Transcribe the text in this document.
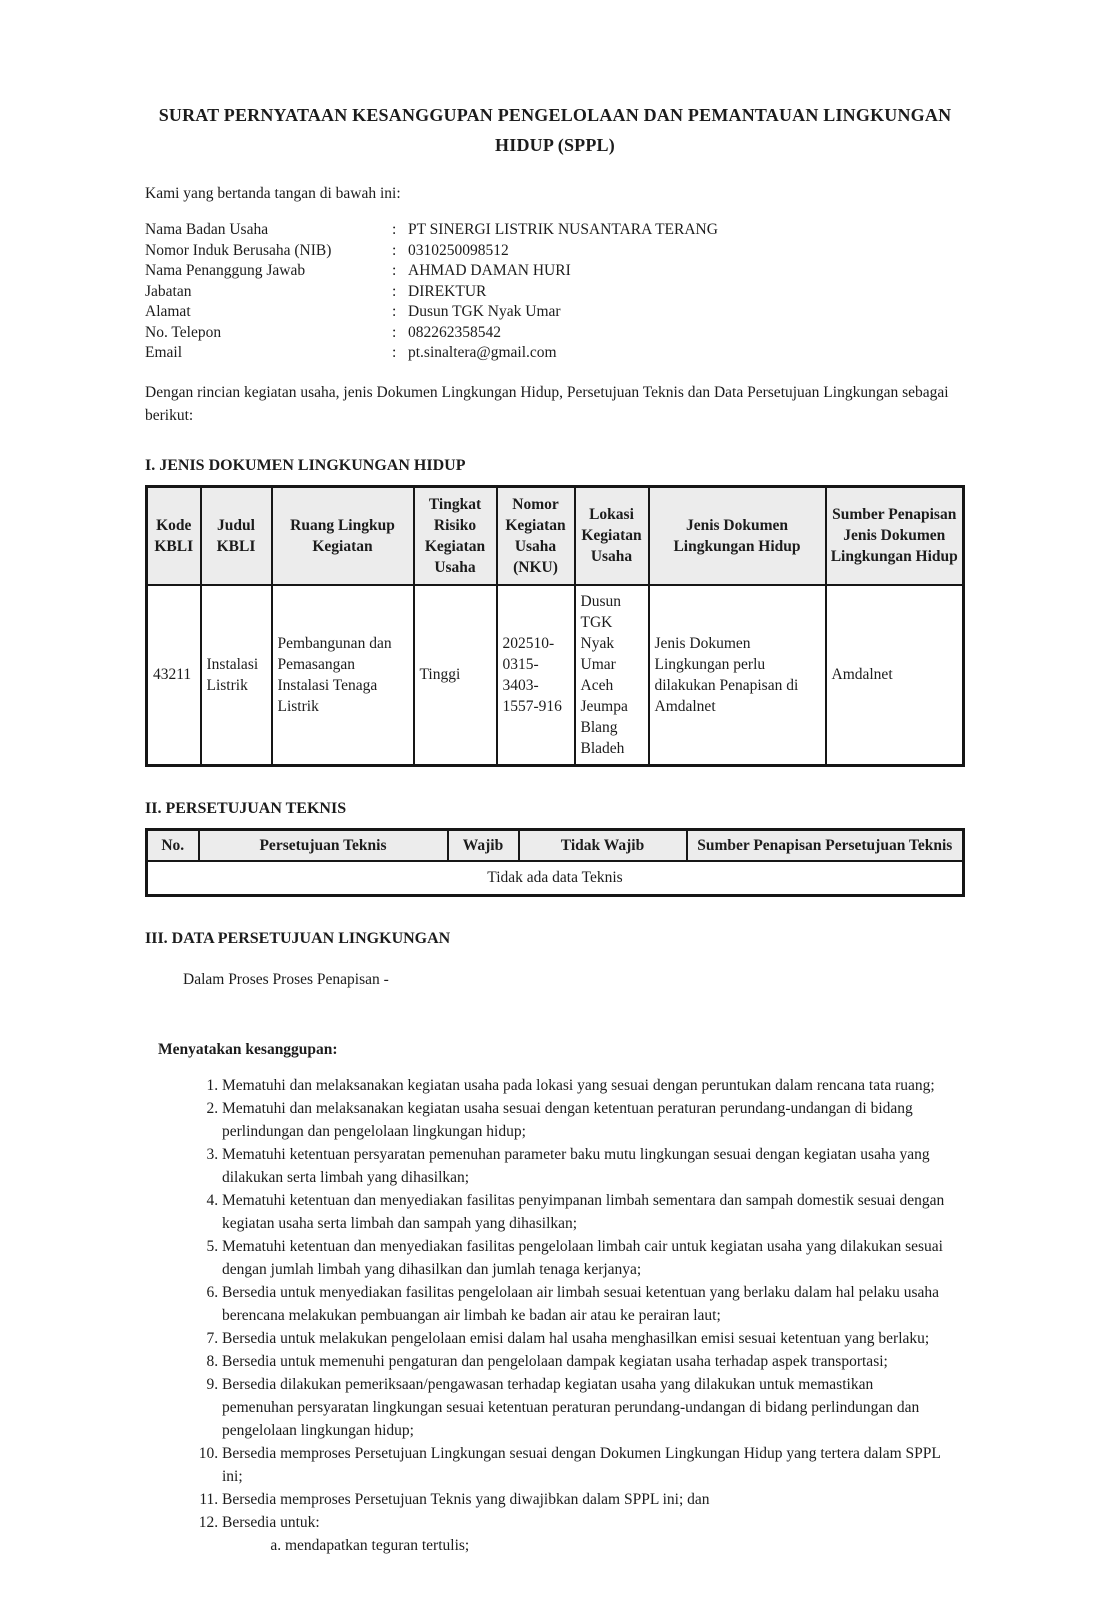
SURAT PERNYATAAN KESANGGUPAN PENGELOLAAN DAN PEMANTAUAN LINGKUNGAN
HIDUP (SPPL)

Kami yang bertanda tangan di bawah ini:

Nama Badan Usaha	: PT SINERGI LISTRIK NUSANTARA TERANG
Nomor Induk Berusaha (NIB)	: 0310250098512
Nama Penanggung Jawab	: AHMAD DAMAN HURI
Jabatan	: DIREKTUR
Alamat	: Dusun TGK Nyak Umar
No. Telepon	: 082262358542
Email	: pt.sinaltera@gmail.com

Dengan rincian kegiatan usaha, jenis Dokumen Lingkungan Hidup, Persetujuan Teknis dan Data Persetujuan Lingkungan sebagai berikut:

I. JENIS DOKUMEN LINGKUNGAN HIDUP
Kode KBLI	Judul KBLI	Ruang Lingkup Kegiatan	Tingkat Risiko Kegiatan Usaha	Nomor Kegiatan Usaha (NKU)	Lokasi Kegiatan Usaha	Jenis Dokumen Lingkungan Hidup	Sumber Penapisan Jenis Dokumen Lingkungan Hidup
43211	Instalasi Listrik	Pembangunan dan Pemasangan Instalasi Tenaga Listrik	Tinggi	202510-0315-3403-1557-916	Dusun TGK Nyak Umar Aceh Jeumpa Blang Bladeh	Jenis Dokumen Lingkungan perlu dilakukan Penapisan di Amdalnet	Amdalnet
II. PERSETUJUAN TEKNIS
No.	Persetujuan Teknis	Wajib	Tidak Wajib	Sumber Penapisan Persetujuan Teknis
Tidak ada data Teknis
III. DATA PERSETUJUAN LINGKUNGAN

Dalam Proses Proses Penapisan -

Menyatakan kesanggupan:

1. Mematuhi dan melaksanakan kegiatan usaha pada lokasi yang sesuai dengan peruntukan dalam rencana tata ruang;
2. Mematuhi dan melaksanakan kegiatan usaha sesuai dengan ketentuan peraturan perundang-undangan di bidang perlindungan dan pengelolaan lingkungan hidup;
3. Mematuhi ketentuan persyaratan pemenuhan parameter baku mutu lingkungan sesuai dengan kegiatan usaha yang dilakukan serta limbah yang dihasilkan;
4. Mematuhi ketentuan dan menyediakan fasilitas penyimpanan limbah sementara dan sampah domestik sesuai dengan kegiatan usaha serta limbah dan sampah yang dihasilkan;
5. Mematuhi ketentuan dan menyediakan fasilitas pengelolaan limbah cair untuk kegiatan usaha yang dilakukan sesuai dengan jumlah limbah yang dihasilkan dan jumlah tenaga kerjanya;
6. Bersedia untuk menyediakan fasilitas pengelolaan air limbah sesuai ketentuan yang berlaku dalam hal pelaku usaha berencana melakukan pembuangan air limbah ke badan air atau ke perairan laut;
7. Bersedia untuk melakukan pengelolaan emisi dalam hal usaha menghasilkan emisi sesuai ketentuan yang berlaku;
8. Bersedia untuk memenuhi pengaturan dan pengelolaan dampak kegiatan usaha terhadap aspek transportasi;
9. Bersedia dilakukan pemeriksaan/pengawasan terhadap kegiatan usaha yang dilakukan untuk memastikan pemenuhan persyaratan lingkungan sesuai ketentuan peraturan perundang-undangan di bidang perlindungan dan pengelolaan lingkungan hidup;
10. Bersedia memproses Persetujuan Lingkungan sesuai dengan Dokumen Lingkungan Hidup yang tertera dalam SPPL ini;
11. Bersedia memproses Persetujuan Teknis yang diwajibkan dalam SPPL ini; dan
12. Bersedia untuk:
a. mendapatkan teguran tertulis;
